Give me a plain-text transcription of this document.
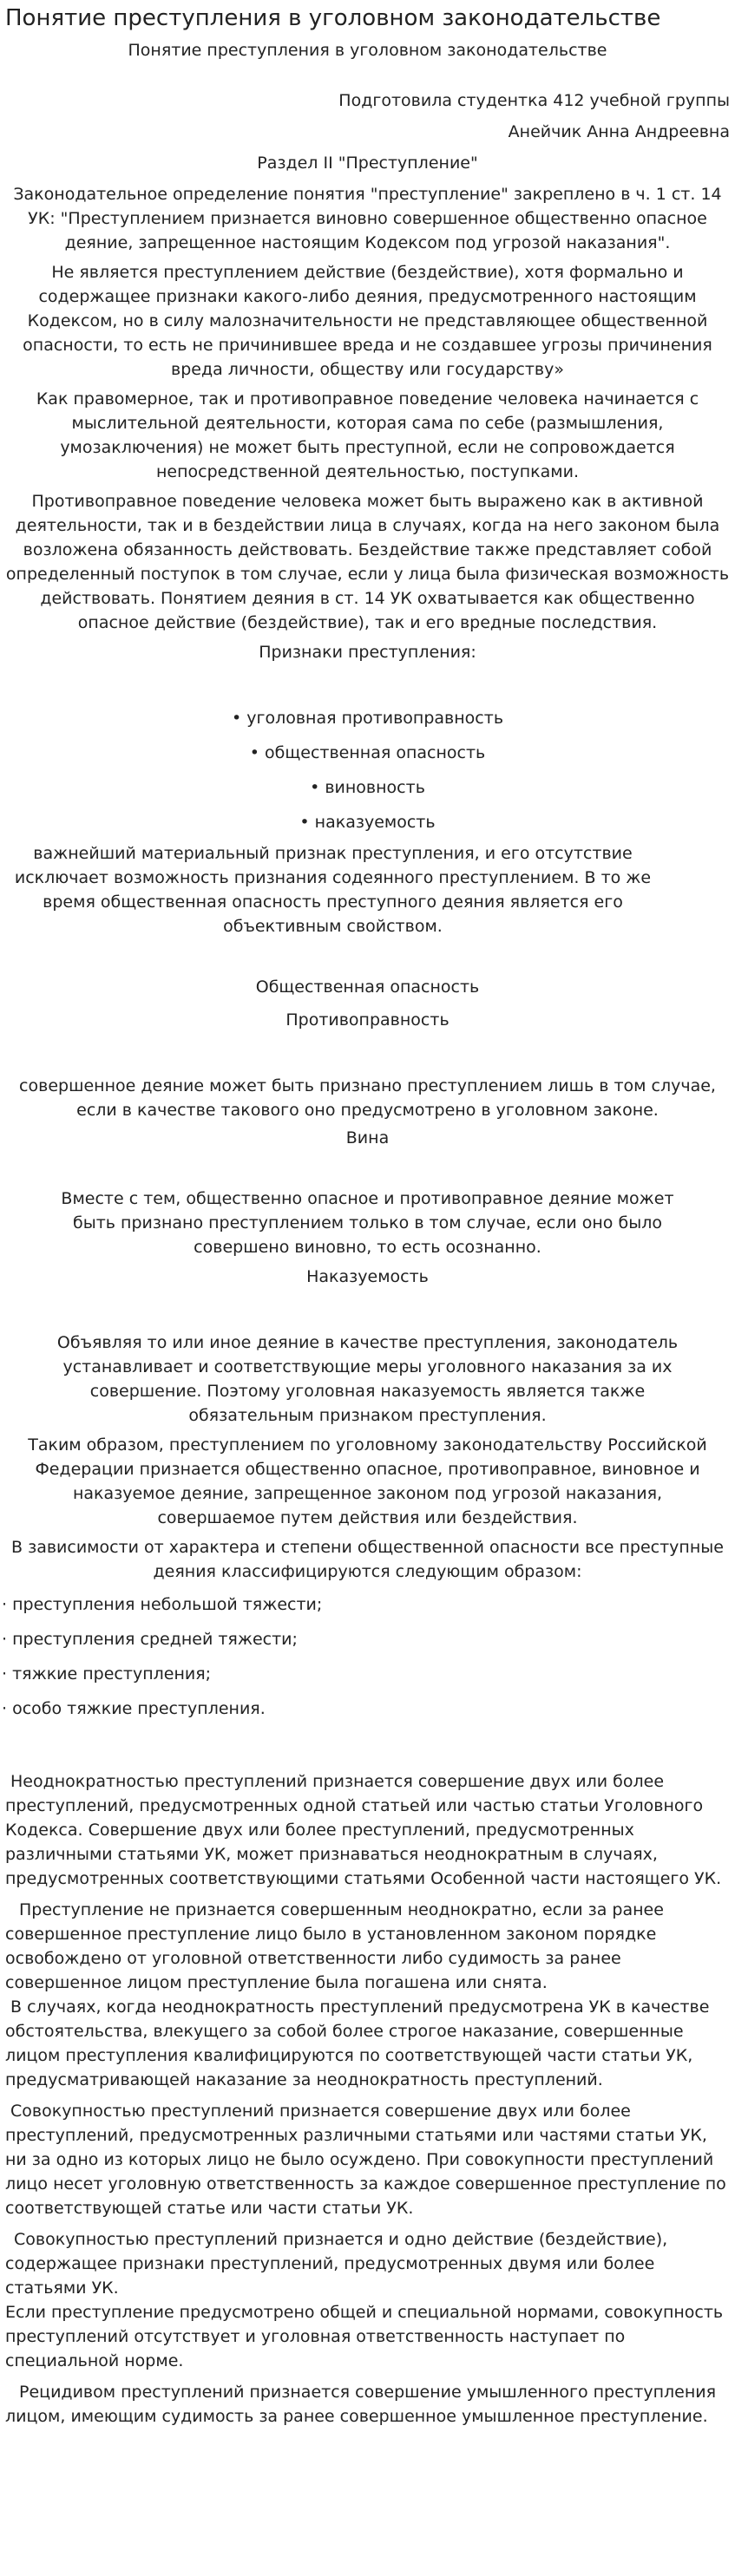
Понятие преступления в уголовном законодательстве
Понятие преступления в уголовном законодательстве
Подготовила студентка 412 учебной группы
Анейчик Анна Андреевна
Раздел II "Преступление"
Законодательное определение понятия "преступление" закреплено в ч. 1 ст. 14 УК: "Преступлением признается виновно совершенное общественно опасное деяние, запрещенное настоящим Кодексом под угрозой наказания".
Не является преступлением действие (бездействие), хотя формально и содержащее признаки какого-либо деяния, предусмотренного настоящим Кодексом, но в силу малозначительности не представляющее общественной опасности, то есть не причинившее вреда и не создавшее угрозы причинения вреда личности, обществу или государству»
Как правомерное, так и противоправное поведение человека начинается с мыслительной деятельности, которая сама по себе (размышления, умозаключения) не может быть преступной, если не сопровождается непосредственной деятельностью, поступками.
Противоправное поведение человека может быть выражено как в активной деятельности, так и в бездействии лица в случаях, когда на него законом была возложена обязанность действовать. Бездействие также представляет собой определенный поступок в том случае, если у лица была физическая возможность действовать. Понятием деяния в ст. 14 УК охватывается как общественно опасное действие (бездействие), так и его вредные последствия.
Признаки преступления:
• уголовная противоправность
• общественная опасность
• виновность
• наказуемость
важнейший материальный признак преступления, и его отсутствие исключает возможность признания содеянного преступлением. В то же время общественная опасность преступного деяния является его объективным свойством.
Общественная опасность
Противоправность
совершенное деяние может быть признано преступлением лишь в том случае, если в качестве такового оно предусмотрено в уголовном законе.
Вина
Вместе с тем, общественно опасное и противоправное деяние может быть признано преступлением только в том случае, если оно было совершено виновно, то есть осознанно.
Наказуемость
Объявляя то или иное деяние в качестве преступления, законодатель устанавливает и соответствующие меры уголовного наказания за их совершение. Поэтому уголовная наказуемость является также обязательным признаком преступления.
Таким образом, преступлением по уголовному законодательству Российской Федерации признается общественно опасное, противоправное, виновное и наказуемое деяние, запрещенное законом под угрозой наказания, совершаемое путем действия или бездействия.
В зависимости от характера и степени общественной опасности все преступные деяния классифицируются следующим образом:
· преступления небольшой тяжести;
· преступления средней тяжести;
· тяжкие преступления;
· особо тяжкие преступления.
Неоднократностью преступлений признается совершение двух или более преступлений, предусмотренных одной статьей или частью статьи Уголовного Кодекса. Совершение двух или более преступлений, предусмотренных различными статьями УК, может признаваться неоднократным в случаях, предусмотренных соответствующими статьями Особенной части настоящего УК.
Преступление не признается совершенным неоднократно, если за ранее совершенное преступление лицо было в установленном законом порядке освобождено от уголовной ответственности либо судимость за ранее совершенное лицом преступление была погашена или снята.
В случаях, когда неоднократность преступлений предусмотрена УК в качестве обстоятельства, влекущего за собой более строгое наказание, совершенные лицом преступления квалифицируются по соответствующей части статьи УК, предусматривающей наказание за неоднократность преступлений.
Совокупностью преступлений признается совершение двух или более преступлений, предусмотренных различными статьями или частями статьи УК, ни за одно из которых лицо не было осуждено. При совокупности преступлений лицо несет уголовную ответственность за каждое совершенное преступление по соответствующей статье или части статьи УК.
Совокупностью преступлений признается и одно действие (бездействие), содержащее признаки преступлений, предусмотренных двумя или более статьями УК.
Если преступление предусмотрено общей и специальной нормами, совокупность преступлений отсутствует и уголовная ответственность наступает по специальной норме.
Рецидивом преступлений признается совершение умышленного преступления лицом, имеющим судимость за ранее совершенное умышленное преступление.
